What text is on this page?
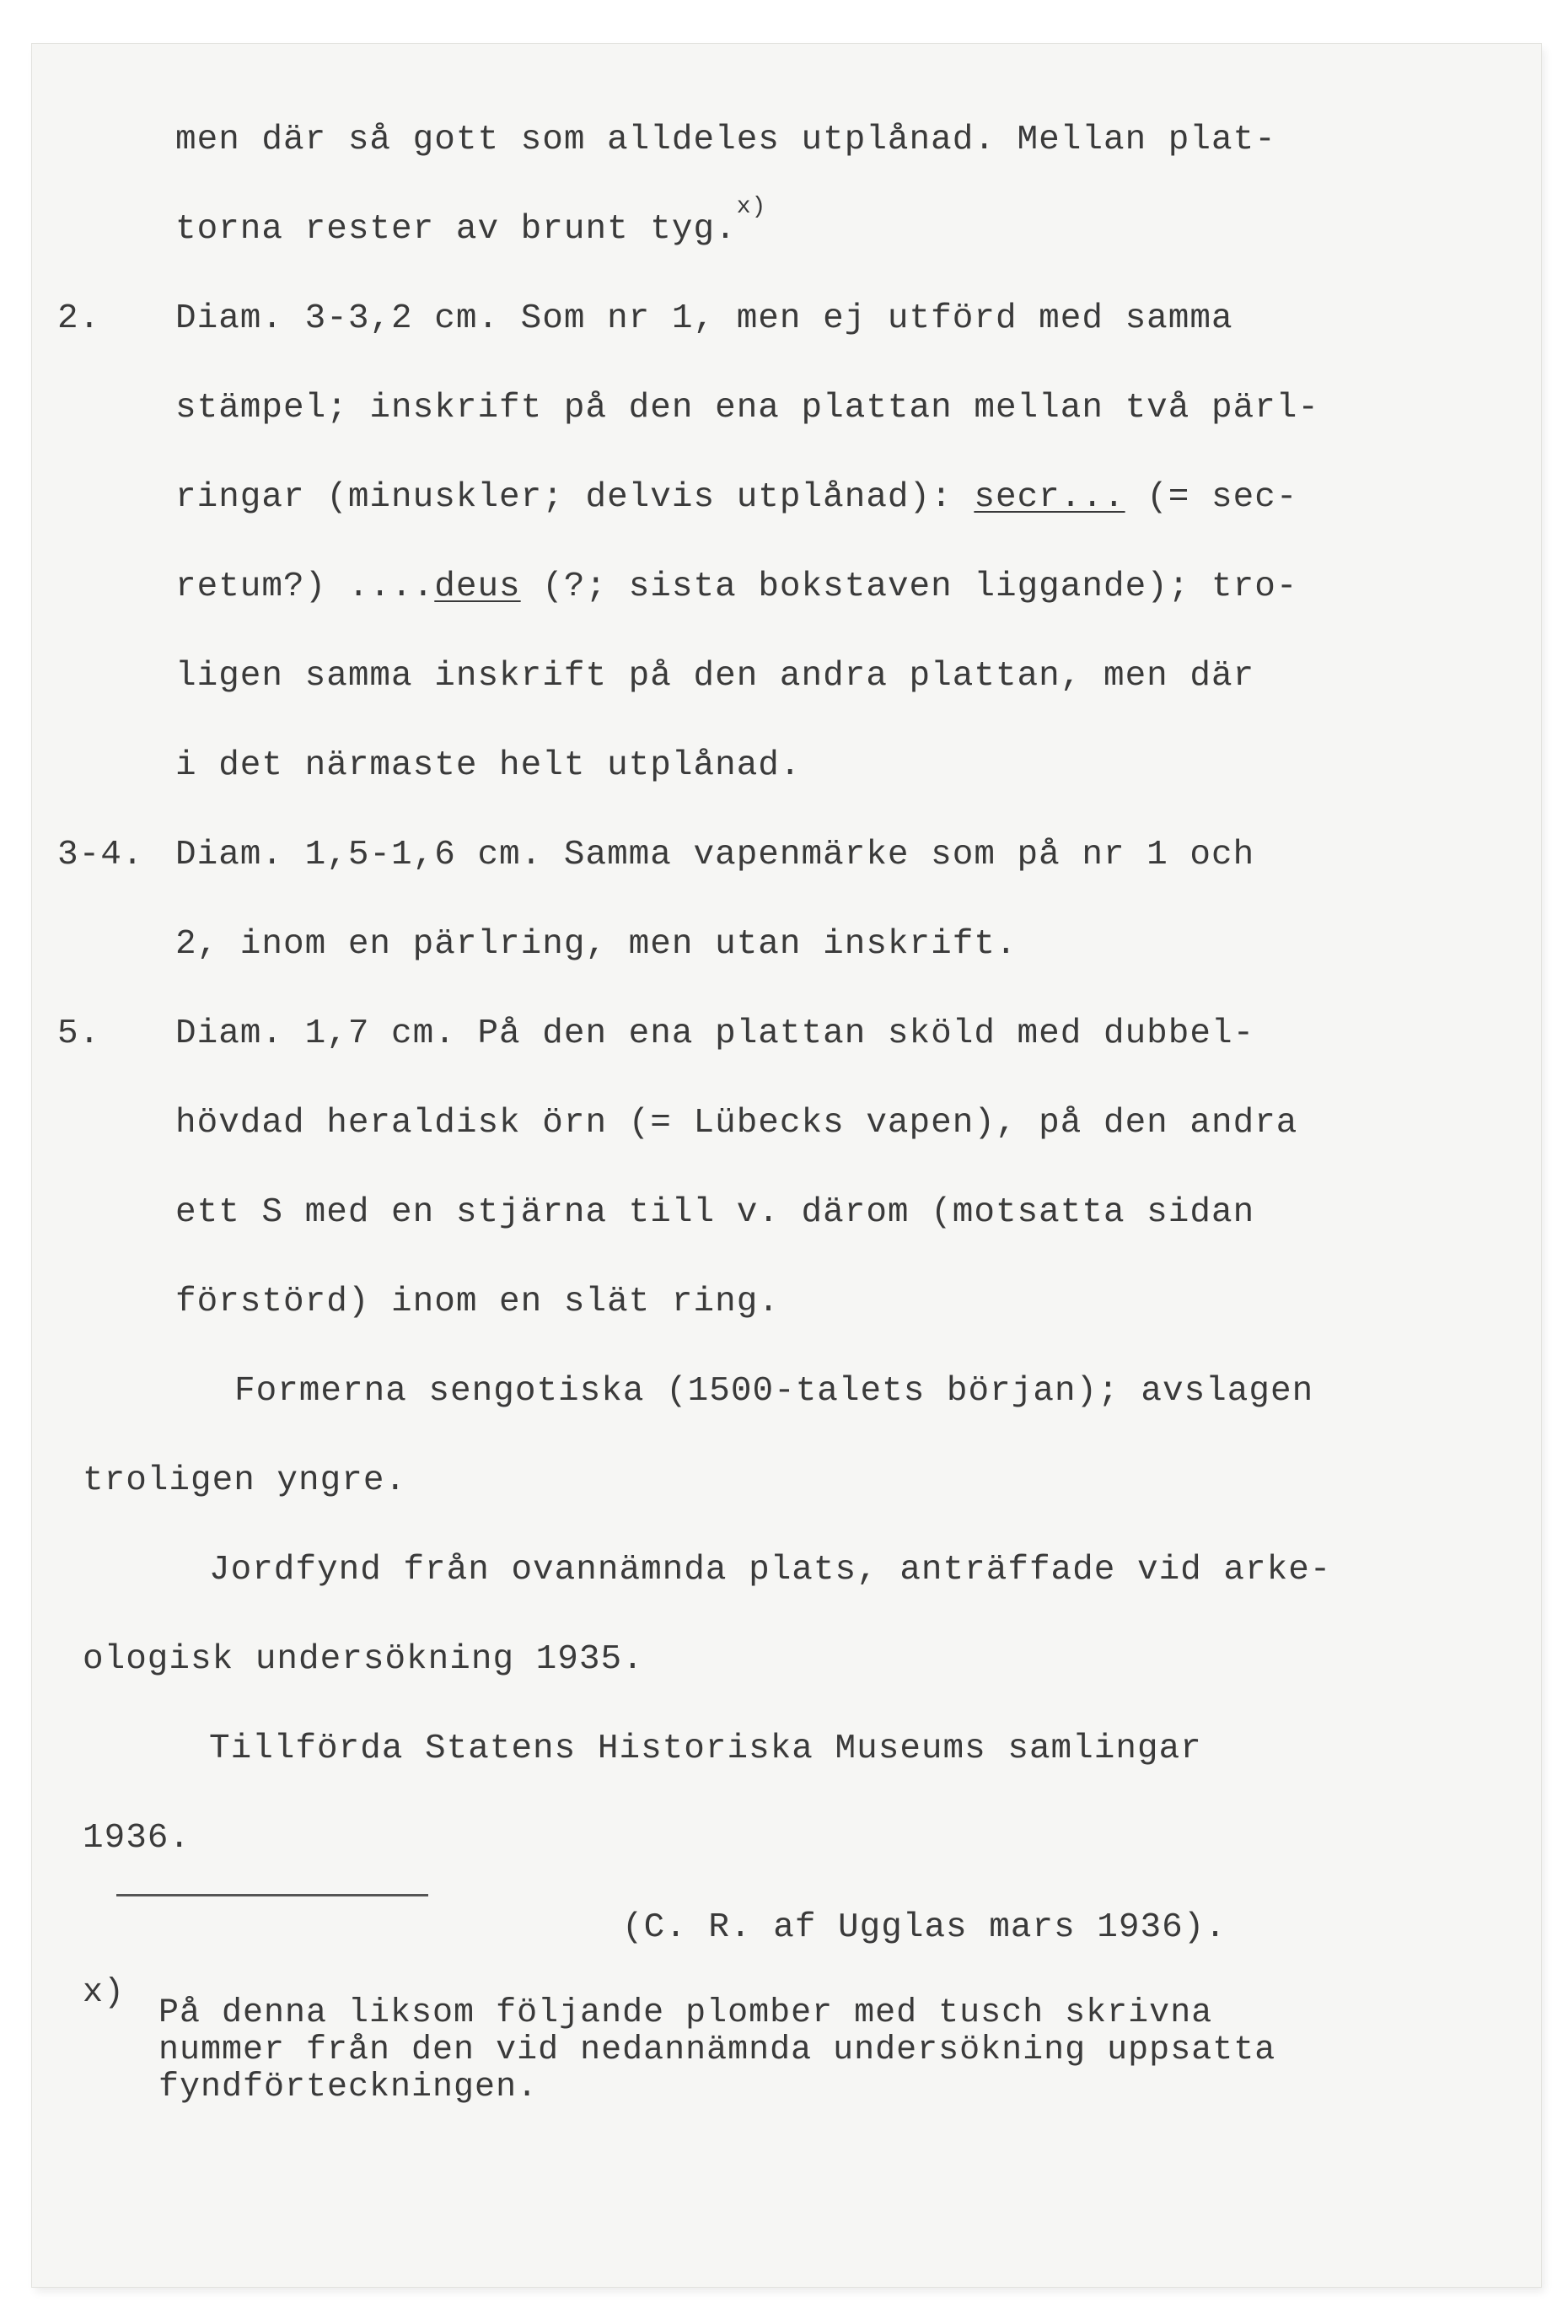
men där så gott som alldeles utplånad. Mellan plat-
torna rester av brunt tyg.$^{x)}$
2. Diam. 3-3,2 cm. Som nr 1, men ej utförd med samma
stämpel; inskrift på den ena plattan mellan två pärl-
ringar (minuskler; delvis utplånad): secr... (= sec-
retum?) ....deus (?; sista bokstaven liggande); tro-
ligen samma inskrift på den andra plattan, men där
i det närmaste helt utplånad.
3-4. Diam. 1,5-1,6 cm. Samma vapenmärke som på nr 1 och
2, inom en pärlring, men utan inskrift.
5. Diam. 1,7 cm. På den ena plattan sköld med dubbel-
hövdad heraldisk örn (= Lübecks vapen), på den andra
ett S med en stjärna till v. därom (motsatta sidan
förstörd) inom en slät ring.
Formerna sengotiska (1500-talets början); avslagen
troligen yngre.
Jordfynd från ovannämnda plats, anträffade vid arke-
ologisk undersökning 1935.
Tillförda Statens Historiska Museums samlingar
1936.
(C. R. af Ugglas mars 1936).
x)
På denna liksom följande plomber med tusch skrivna
nummer från den vid nedannämnda undersökning uppsatta
fyndförteckningen.
